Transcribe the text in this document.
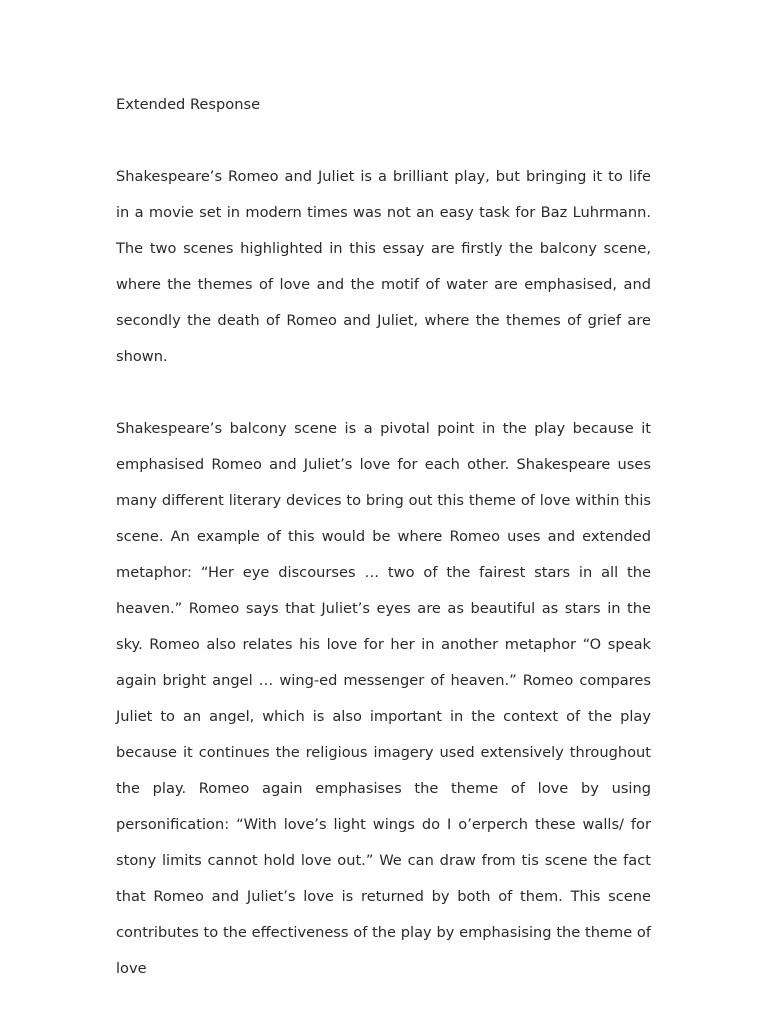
Extended Response

Shakespeare’s Romeo and Juliet is a brilliant play, but bringing it to life in a movie set in modern times was not an easy task for Baz Luhrmann. The two scenes highlighted in this essay are firstly the balcony scene, where the themes of love and the motif of water are emphasised, and secondly the death of Romeo and Juliet, where the themes of grief are shown.

Shakespeare’s balcony scene is a pivotal point in the play because it emphasised Romeo and Juliet’s love for each other. Shakespeare uses many different literary devices to bring out this theme of love within this scene. An example of this would be where Romeo uses and extended metaphor: “Her eye discourses … two of the fairest stars in all the heaven.” Romeo says that Juliet’s eyes are as beautiful as stars in the sky. Romeo also relates his love for her in another metaphor “O speak again bright angel … wing-ed messenger of heaven.” Romeo compares Juliet to an angel, which is also important in the context of the play because it continues the religious imagery used extensively throughout the play. Romeo again emphasises the theme of love by using personification: “With love’s light wings do I o’erperch these walls/ for stony limits cannot hold love out.” We can draw from tis scene the fact that Romeo and Juliet’s love is returned by both of them. This scene contributes to the effectiveness of the play by emphasising the theme of love
